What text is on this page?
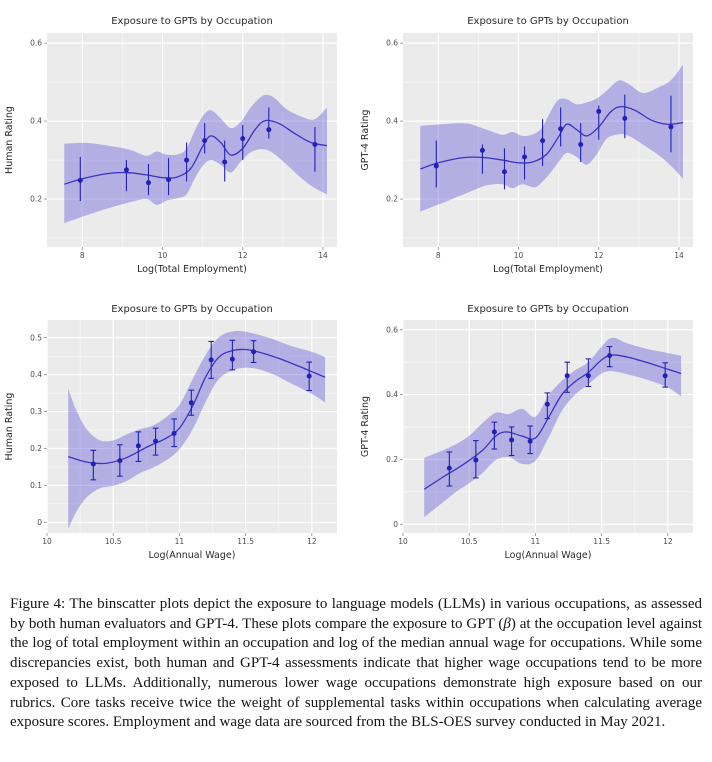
8	10	12	14
0.2
0.4
0.6
Exposure to GPTs by Occupation
Log(Total Employment)
Human Rating
8	10	12	14
0.2
0.4
0.6
Exposure to GPTs by Occupation
Log(Total Employment)
GPT-4 Rating
10	10.5	11	11.5	12
0
0.1
0.2
0.3
0.4
0.5
Exposure to GPTs by Occupation
Log(Annual Wage)
Human Rating
10	10.5	11	11.5	12
0
0.2
0.4
0.6
Exposure to GPTs by Occupation
Log(Annual Wage)
GPT-4 Rating

Figure 4: The binscatter plots depict the exposure to language models (LLMs) in various occupations, as assessed by both human evaluators and GPT-4. These plots compare the exposure to GPT (β) at the occupation level against the log of total employment within an occupation and log of the median annual wage for occupations. While some discrepancies exist, both human and GPT-4 assessments indicate that higher wage occupations tend to be more exposed to LLMs. Additionally, numerous lower wage occupations demonstrate high exposure based on our rubrics. Core tasks receive twice the weight of supplemental tasks within occupations when calculating average exposure scores. Employment and wage data are sourced from the BLS-OES survey conducted in May 2021.
